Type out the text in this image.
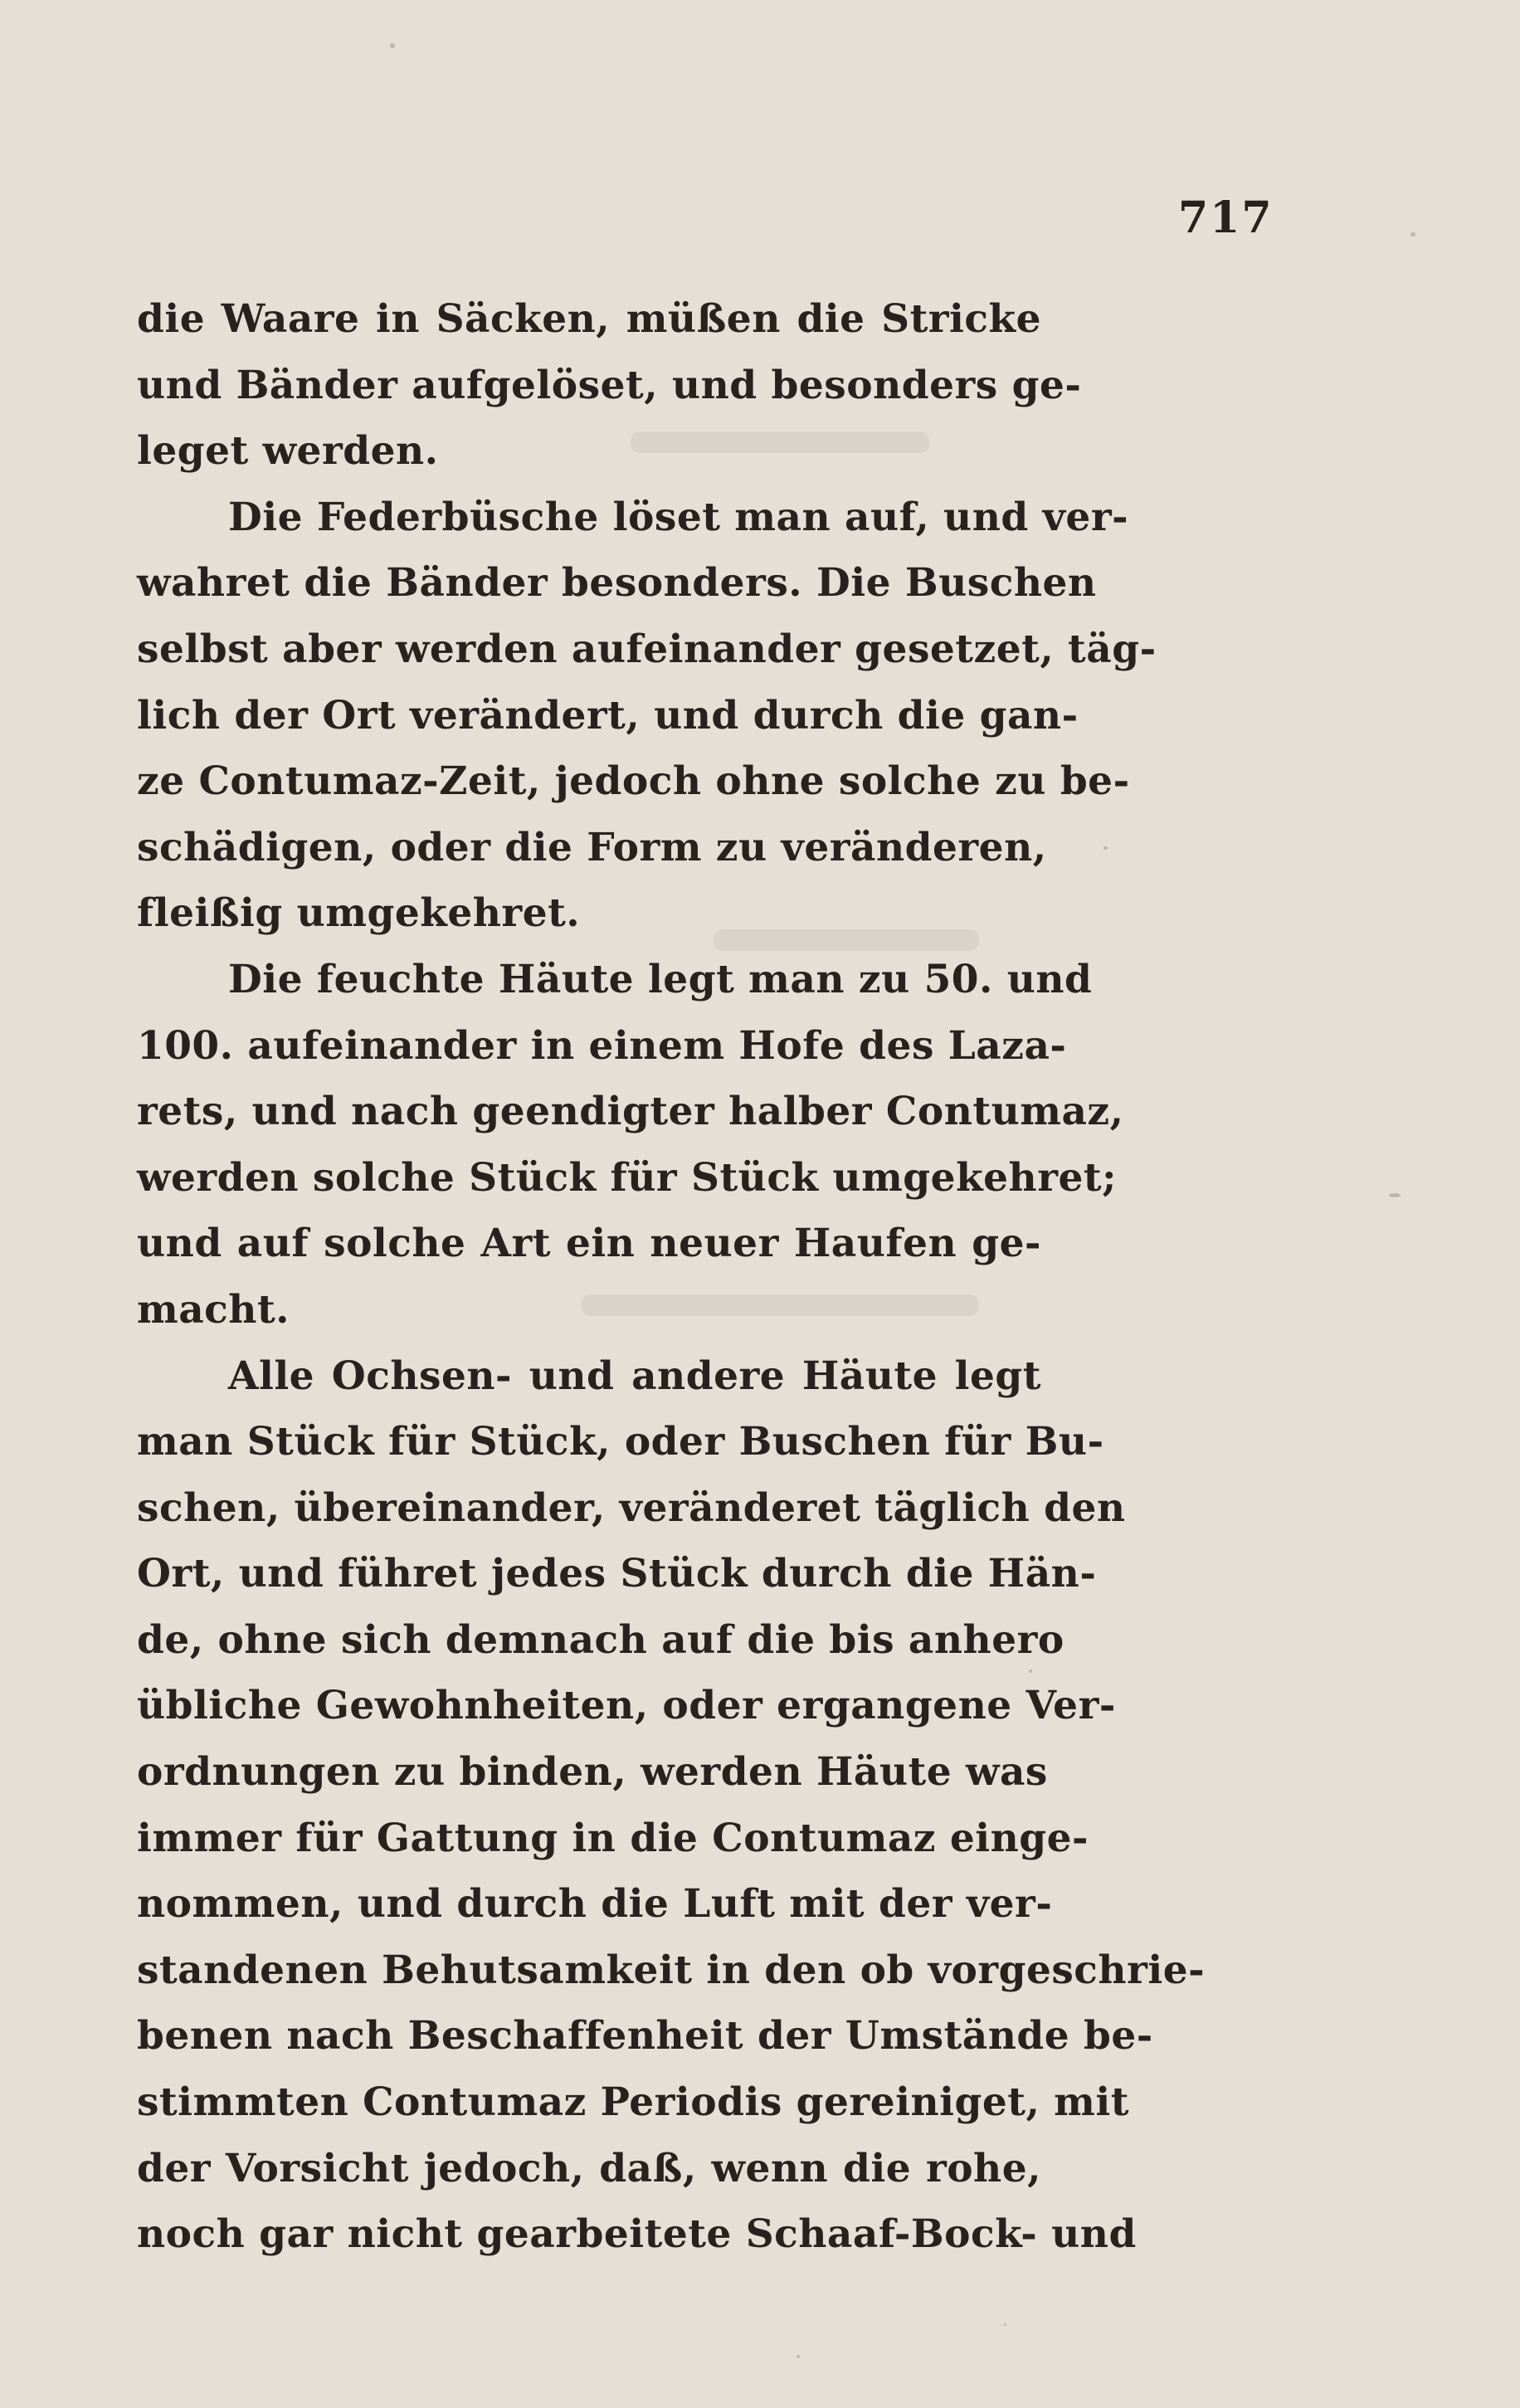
717
die Waare in Säcken, müßen die Stricke
und Bänder aufgelöset, und besonders ge-
leget werden.
Die Federbüsche löset man auf, und ver-
wahret die Bänder besonders. Die Buschen
selbst aber werden aufeinander gesetzet, täg-
lich der Ort verändert, und durch die gan-
ze Contumaz-Zeit, jedoch ohne solche zu be-
schädigen, oder die Form zu veränderen,
fleißig umgekehret.
Die feuchte Häute legt man zu 50. und
100. aufeinander in einem Hofe des Laza-
rets, und nach geendigter halber Contumaz,
werden solche Stück für Stück umgekehret;
und auf solche Art ein neuer Haufen ge-
macht.
Alle Ochsen- und andere Häute legt
man Stück für Stück, oder Buschen für Bu-
schen, übereinander, veränderet täglich den
Ort, und führet jedes Stück durch die Hän-
de, ohne sich demnach auf die bis anhero
übliche Gewohnheiten, oder ergangene Ver-
ordnungen zu binden, werden Häute was
immer für Gattung in die Contumaz einge-
nommen, und durch die Luft mit der ver-
standenen Behutsamkeit in den ob vorgeschrie-
benen nach Beschaffenheit der Umstände be-
stimmten Contumaz Periodis gereiniget, mit
der Vorsicht jedoch, daß, wenn die rohe,
noch gar nicht gearbeitete Schaaf-Bock- und
